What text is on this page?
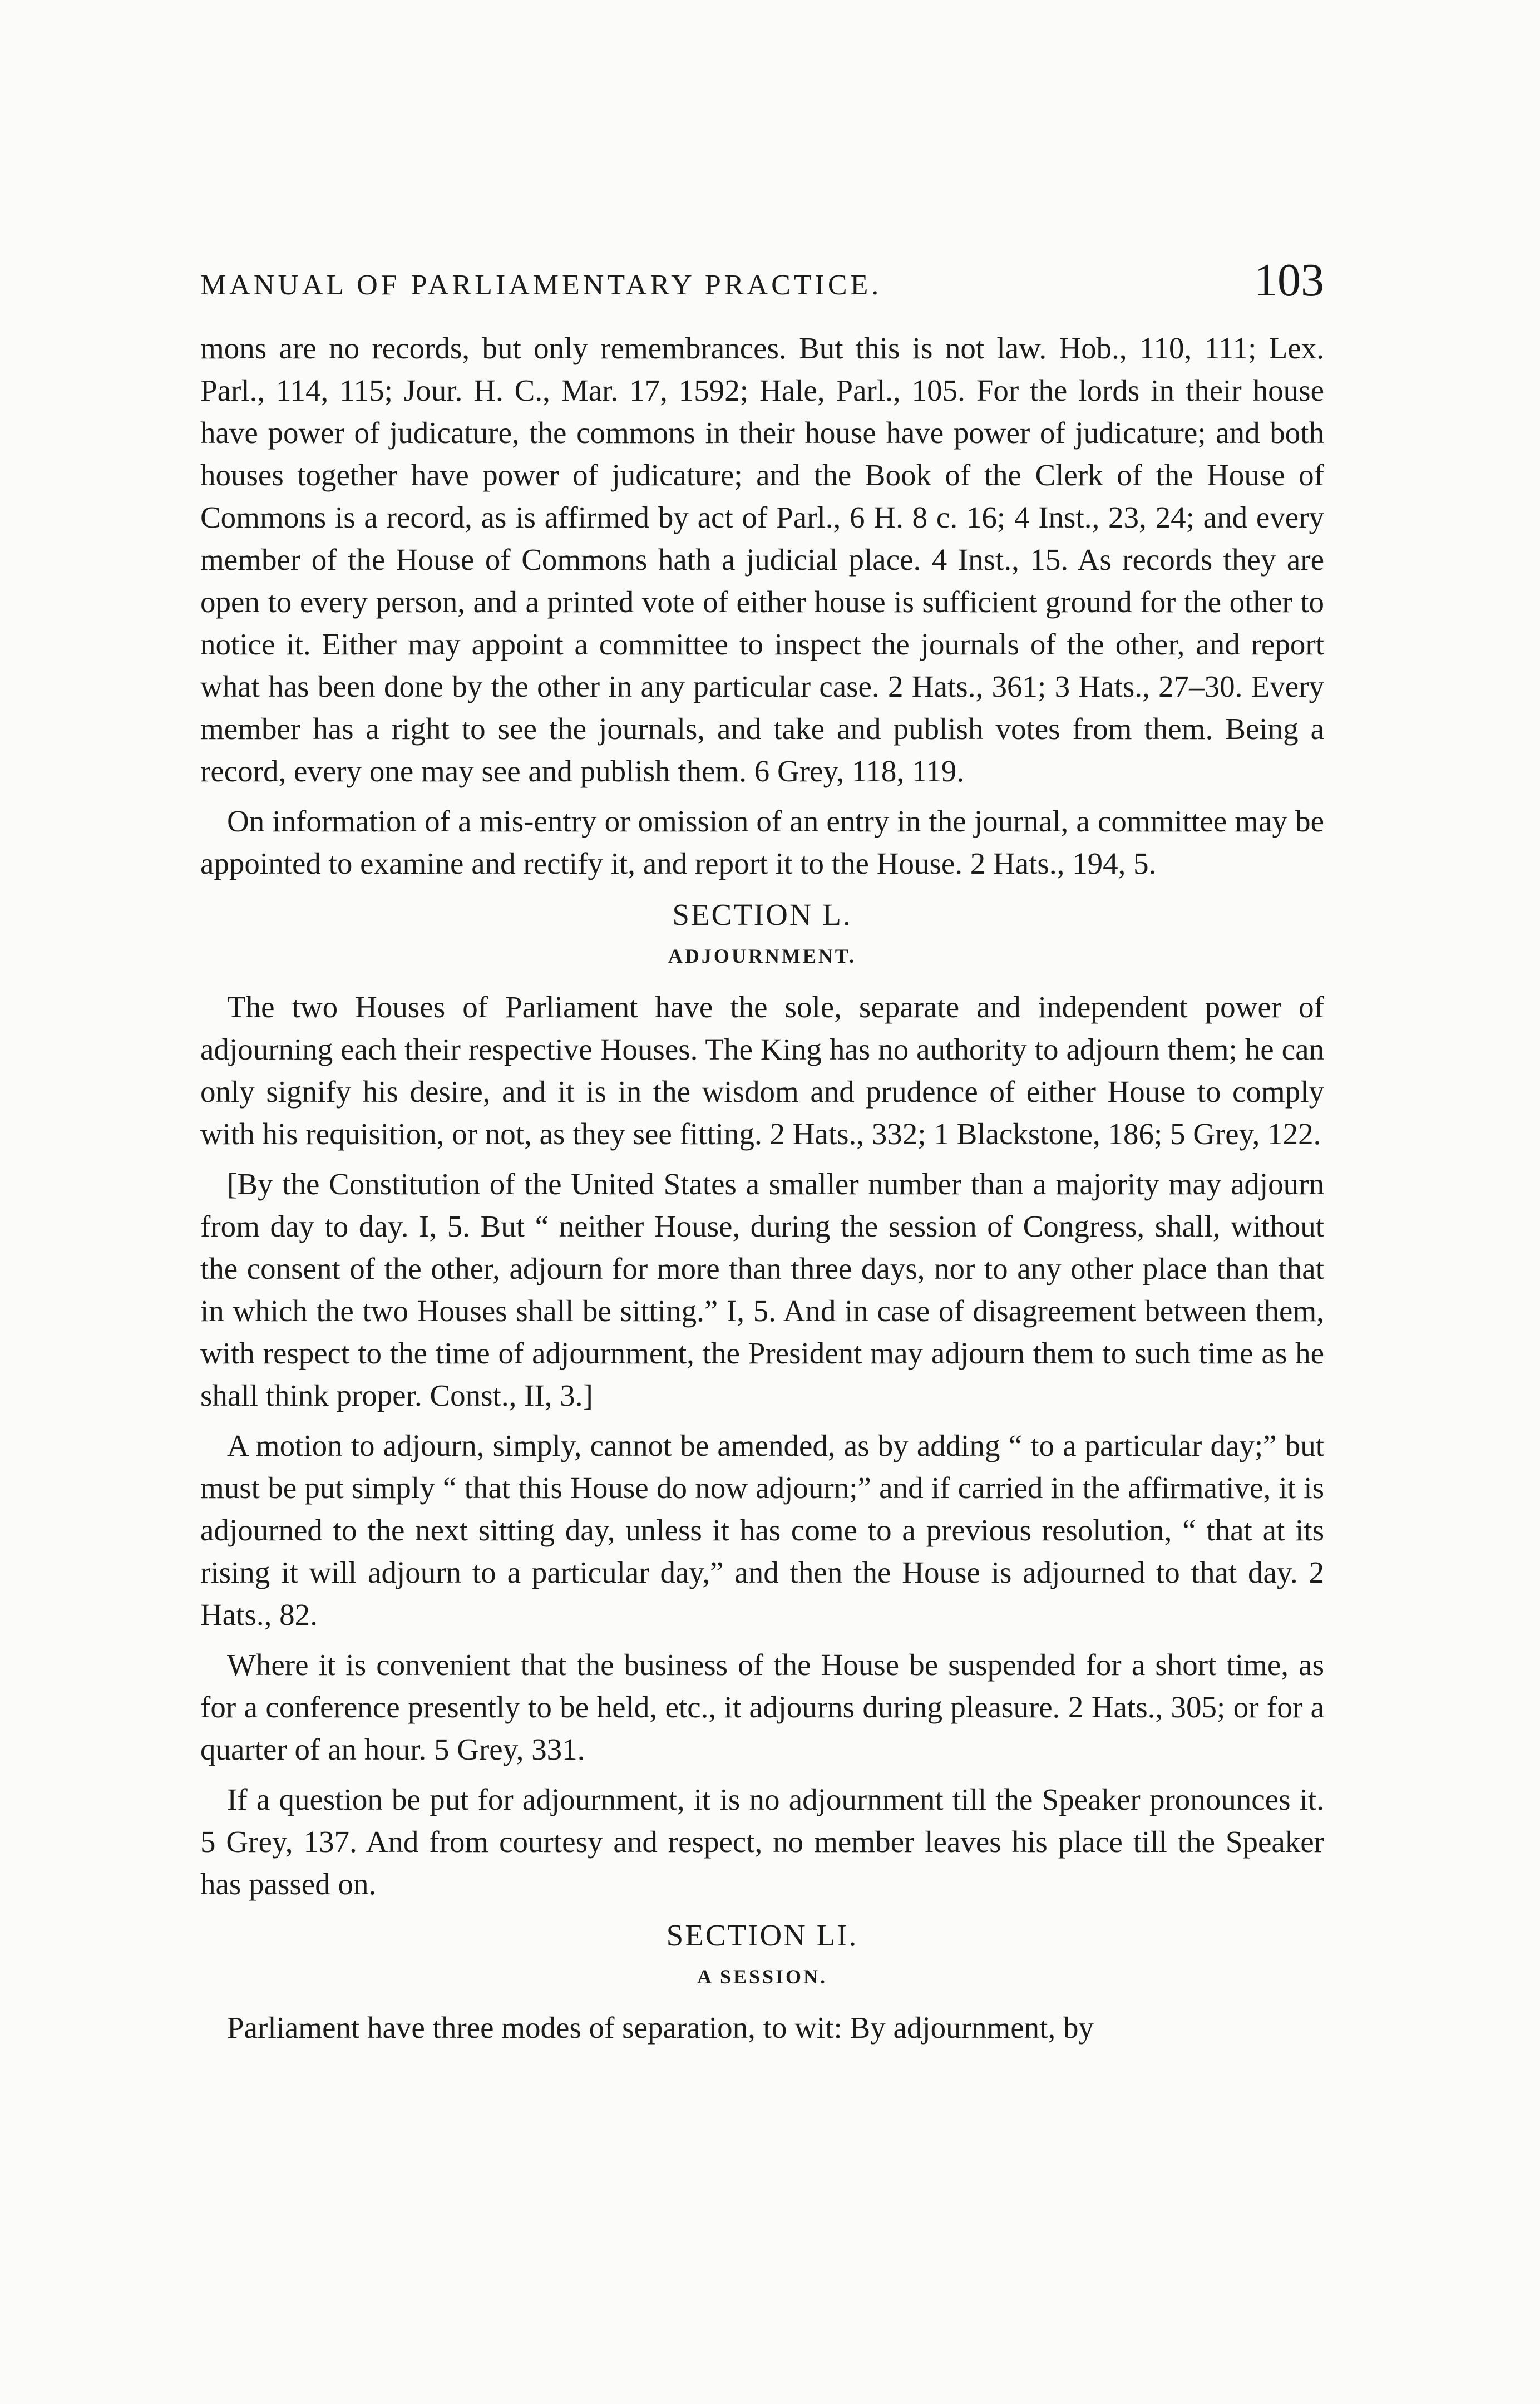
MANUAL OF PARLIAMENTARY PRACTICE.	103

mons are no records, but only remembrances. But this is not law. Hob., 110, 111; Lex. Parl., 114, 115; Jour. H. C., Mar. 17, 1592; Hale, Parl., 105. For the lords in their house have power of judicature, the commons in their house have power of judicature; and both houses together have power of judicature; and the Book of the Clerk of the House of Commons is a record, as is affirmed by act of Parl., 6 H. 8 c. 16; 4 Inst., 23, 24; and every member of the House of Commons hath a judicial place. 4 Inst., 15. As records they are open to every person, and a printed vote of either house is sufficient ground for the other to notice it. Either may appoint a committee to inspect the journals of the other, and report what has been done by the other in any particular case. 2 Hats., 361; 3 Hats., 27–30. Every member has a right to see the journals, and take and publish votes from them. Being a record, every one may see and publish them. 6 Grey, 118, 119.

On information of a mis-entry or omission of an entry in the journal, a committee may be appointed to examine and rectify it, and report it to the House. 2 Hats., 194, 5.

SECTION L.
ADJOURNMENT.

The two Houses of Parliament have the sole, separate and independent power of adjourning each their respective Houses. The King has no authority to adjourn them; he can only signify his desire, and it is in the wisdom and prudence of either House to comply with his requisition, or not, as they see fitting. 2 Hats., 332; 1 Blackstone, 186; 5 Grey, 122.

[By the Constitution of the United States a smaller number than a majority may adjourn from day to day. I, 5. But “ neither House, during the session of Congress, shall, without the consent of the other, adjourn for more than three days, nor to any other place than that in which the two Houses shall be sitting.” I, 5. And in case of disagreement between them, with respect to the time of adjournment, the President may adjourn them to such time as he shall think proper. Const., II, 3.]

A motion to adjourn, simply, cannot be amended, as by adding “ to a particular day;” but must be put simply “ that this House do now adjourn;” and if carried in the affirmative, it is adjourned to the next sitting day, unless it has come to a previous resolution, “ that at its rising it will adjourn to a particular day,” and then the House is adjourned to that day. 2 Hats., 82.

Where it is convenient that the business of the House be suspended for a short time, as for a conference presently to be held, etc., it adjourns during pleasure. 2 Hats., 305; or for a quarter of an hour. 5 Grey, 331.

If a question be put for adjournment, it is no adjournment till the Speaker pronounces it. 5 Grey, 137. And from courtesy and respect, no member leaves his place till the Speaker has passed on.

SECTION LI.
A SESSION.

Parliament have three modes of separation, to wit: By adjournment, by
